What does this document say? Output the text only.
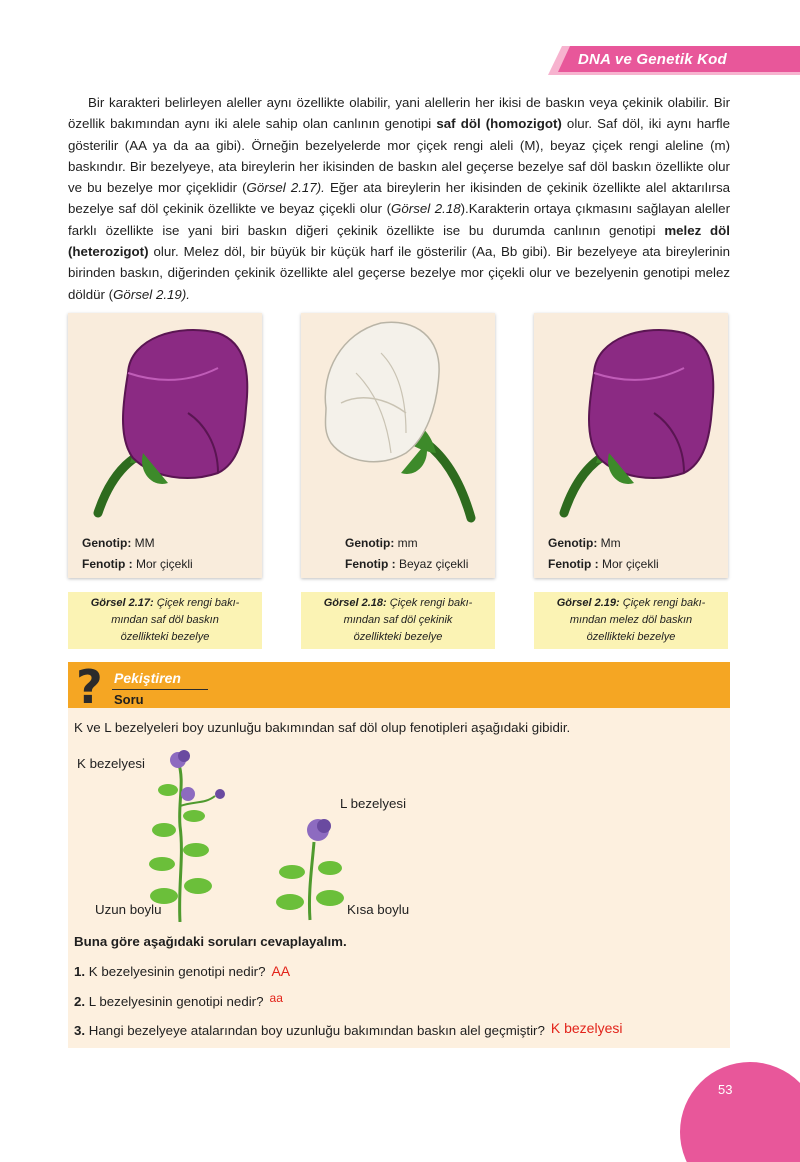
DNA ve Genetik Kod

Bir karakteri belirleyen aleller aynı özellikte olabilir, yani alellerin her ikisi de baskın veya çekinik olabilir. Bir özellik bakımından aynı iki alele sahip olan canlının genotipi saf döl (homozigot) olur. Saf döl, iki aynı harfle gösterilir (AA ya da aa gibi). Örneğin bezelyelerde mor çiçek rengi aleli (M), beyaz çiçek rengi aleline (m) baskındır. Bir bezelyeye, ata bireylerin her ikisinden de baskın alel geçerse bezelye saf döl baskın özellikte olur ve bu bezelye mor çiçeklidir (Görsel 2.17). Eğer ata bireylerin her ikisinden de çekinik özellikte alel aktarılırsa bezelye saf döl çekinik özellikte ve beyaz çiçekli olur (Görsel 2.18).Karakterin ortaya çıkmasını sağlayan aleller farklı özellikte ise yani biri baskın diğeri çekinik özellikte ise bu durumda canlının genotipi melez döl (heterozigot) olur. Melez döl, bir büyük bir küçük harf ile gösterilir (Aa, Bb gibi). Bir bezelyeye ata bireylerinin birinden baskın, diğerinden çekinik özellikte alel geçerse bezelye mor çiçekli olur ve bezelyenin genotipi melez döldür (Görsel 2.19).

Genotip: MM
Fenotip : Mor çiçekli
Görsel 2.17: Çiçek rengi bakı-
mından saf döl baskın
özellikteki bezelye
Genotip: mm
Fenotip : Beyaz çiçekli
Görsel 2.18: Çiçek rengi bakı-
mından saf döl çekinik
özellikteki bezelye
Genotip: Mm
Fenotip : Mor çiçekli
Görsel 2.19: Çiçek rengi bakı-
mından melez döl baskın
özellikteki bezelye
? Pekiştiren
Soru
K ve L bezelyeleri boy uzunluğu bakımından saf döl olup fenotipleri aşağıdaki gibidir.
K bezelyesi
L bezelyesi
Uzun boylu	Kısa boylu
Buna göre aşağıdaki soruları cevaplayalım.
1. K bezelyesinin genotipi nedir? AA
2. L bezelyesinin genotipi nedir? aa
3. Hangi bezelyeye atalarından boy uzunluğu bakımından baskın alel geçmiştir? K bezelyesi
53
